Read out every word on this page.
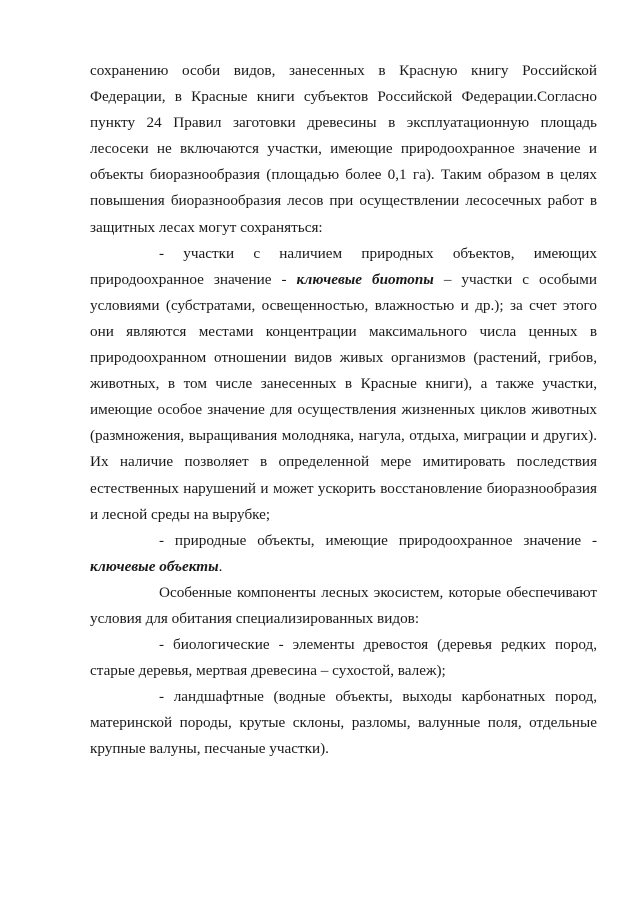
сохранению особи видов, занесенных в Красную книгу Российской Федерации, в Красные книги субъектов Российской Федерации.Согласно пункту 24 Правил заготовки древесины в эксплуатационную площадь лесосеки не включаются участки, имеющие природоохранное значение и объекты биоразнообразия (площадью более 0,1 га). Таким образом в целях повышения биоразнообразия лесов при осуществлении лесосечных работ в защитных лесах могут сохраняться:

- участки с наличием природных объектов, имеющих природоохранное значение - ключевые биотопы – участки с особыми условиями (субстратами, освещенностью, влажностью и др.); за счет этого они являются местами концентрации максимального числа ценных в природоохранном отношении видов живых организмов (растений, грибов, животных, в том числе занесенных в Красные книги), а также участки, имеющие особое значение для осуществления жизненных циклов животных (размножения, выращивания молодняка, нагула, отдыха, миграции и других). Их наличие позволяет в определенной мере имитировать последствия естественных нарушений и может ускорить восстановление биоразнообразия и лесной среды на вырубке;

- природные объекты, имеющие природоохранное значение - ключевые объекты.

Особенные компоненты лесных экосистем, которые обеспечивают условия для обитания специализированных видов:

- биологические - элементы древостоя (деревья редких пород, старые деревья, мертвая древесина – сухостой, валеж);

- ландшафтные (водные объекты, выходы карбонатных пород, материнской породы, крутые склоны, разломы, валунные поля, отдельные крупные валуны, песчаные участки).
